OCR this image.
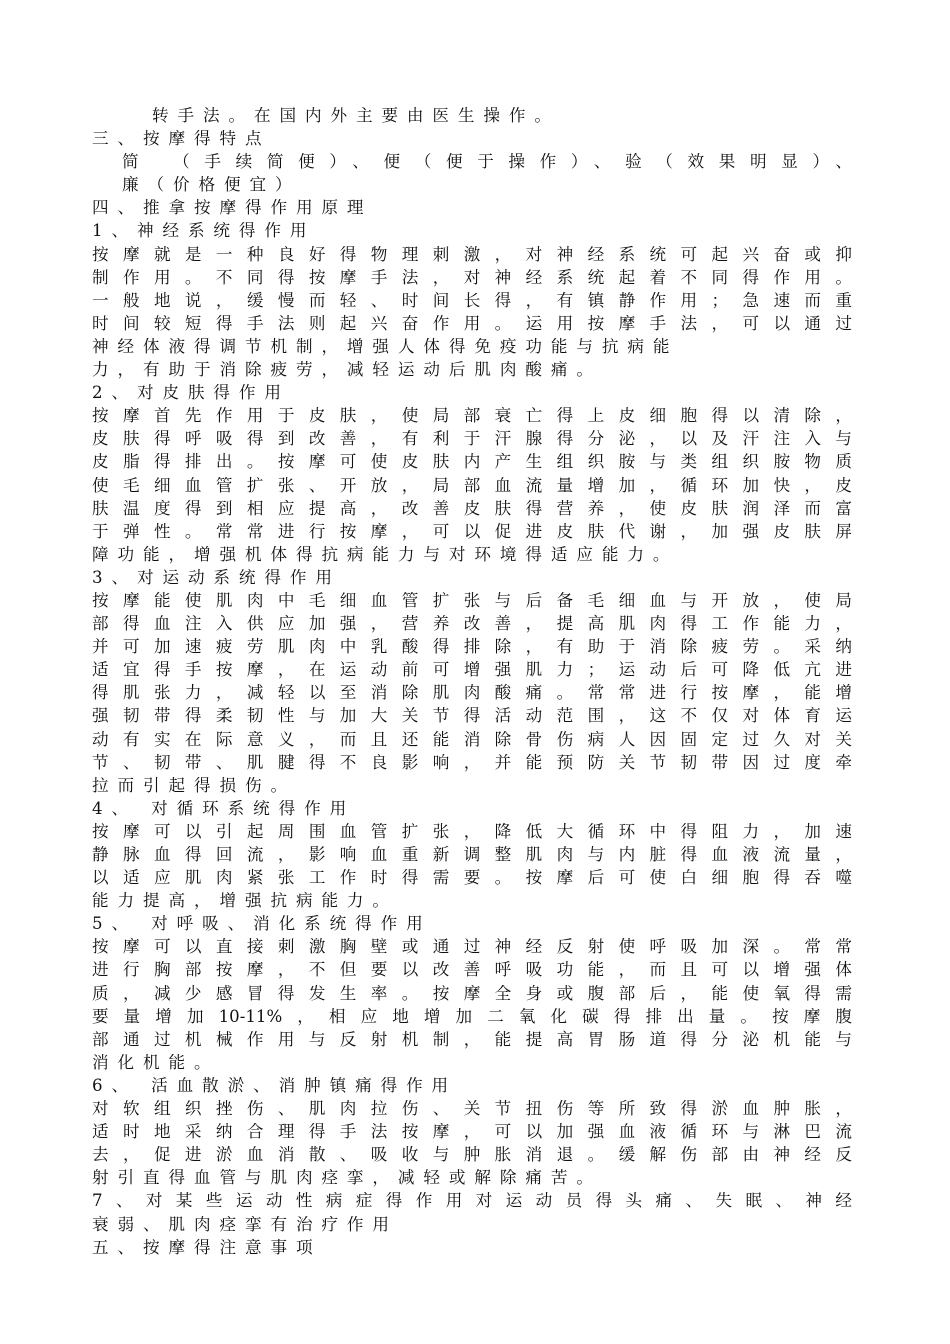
转手法。在国内外主要由医生操作。
三、按摩得特点
简 （手续简便）、便（便于操作）、验（效果明显）、
廉（价格便宜）
四、推拿按摩得作用原理
1、神经系统得作用
按摩就是一种良好得物理刺激，对神经系统可起兴奋或抑
制作用。不同得按摩手法，对神经系统起着不同得作用。
一般地说，缓慢而轻、时间长得，有镇静作用；急速而重
时间较短得手法则起兴奋作用。运用按摩手法，可以通过
神经体液得调节机制，增强人体得免疫功能与抗病能
力，有助于消除疲劳，减轻运动后肌肉酸痛。
2、对皮肤得作用
按摩首先作用于皮肤，使局部衰亡得上皮细胞得以清除，
皮肤得呼吸得到改善，有利于汗腺得分泌，以及汗注入与
皮脂得排出。按摩可使皮肤内产生组织胺与类组织胺物质
使毛细血管扩张、开放，局部血流量增加，循环加快，皮
肤温度得到相应提高，改善皮肤得营养，使皮肤润泽而富
于弹性。常常进行按摩，可以促进皮肤代谢，加强皮肤屏
障功能，增强机体得抗病能力与对环境得适应能力。
3、对运动系统得作用
按摩能使肌肉中毛细血管扩张与后备毛细血与开放，使局
部得血注入供应加强，营养改善，提高肌肉得工作能力，
并可加速疲劳肌肉中乳酸得排除，有助于消除疲劳。采纳
适宜得手按摩，在运动前可增强肌力；运动后可降低亢进
得肌张力，减轻以至消除肌肉酸痛。常常进行按摩，能增
强韧带得柔韧性与加大关节得活动范围，这不仅对体育运
动有实在际意义，而且还能消除骨伤病人因固定过久对关
节、韧带、肌腱得不良影响，并能预防关节韧带因过度牵
拉而引起得损伤。
4、 对循环系统得作用
按摩可以引起周围血管扩张，降低大循环中得阻力，加速
静脉血得回流，影响血重新调整肌肉与内脏得血液流量，
以适应肌肉紧张工作时得需要。按摩后可使白细胞得吞噬
能力提高，增强抗病能力。
5、 对呼吸、消化系统得作用
按摩可以直接刺激胸壁或通过神经反射使呼吸加深。常常
进行胸部按摩，不但要以改善呼吸功能，而且可以增强体
质，减少感冒得发生率。按摩全身或腹部后，能使氧得需
要量增加10-11%，相应地增加二氧化碳得排出量。按摩腹
部通过机械作用与反射机制，能提高胃肠道得分泌机能与
消化机能。
6、 活血散淤、消肿镇痛得作用
对软组织挫伤、肌肉拉伤、关节扭伤等所致得淤血肿胀，
适时地采纳合理得手法按摩，可以加强血液循环与淋巴流
去，促进淤血消散、吸收与肿胀消退。缓解伤部由神经反
射引直得血管与肌肉痉挛，减轻或解除痛苦。
7、对某些运动性病症得作用对运动员得头痛、失眠、神经
衰弱、肌肉痉挛有治疗作用
五、按摩得注意事项
